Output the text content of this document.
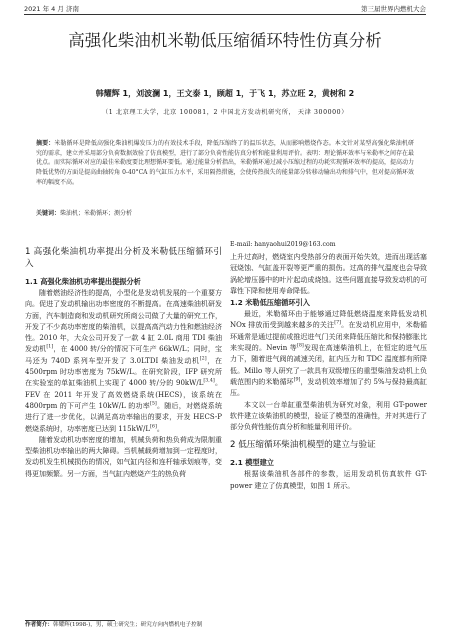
2021 年 4 月 济南	第三届世界内燃机大会
高强化柴油机米勒低压缩循环特性仿真分析
韩耀辉 1，刘波澜 1，王文泰 1，顾超 1，于飞 1，苏立旺 2，黄树和 2
（1 北京理工大学，北京 100081，2 中国北方发动机研究所， 天津 300000）
摘要：米勒循环是降低高强化柴油机爆发压力的有效技术手段，降低压缩终了的温压状态，从而影响燃烧作态。本文针对某型高强化柴油机研究的需求，建立并采用部分负荷数据效验了仿真模型，进行了部分负荷性能仿真分析和能量利用评价。表明：理论循环效率与米勒率之间存在最优点。而实际循环对应的最佳米勒度要比理想循环要低。通过能量分析指出，米勒循环通过减小压缩过程的功耗实现循环效率的提高，提高动力降低优势的方面是提高曲轴转角 0-40°CA 的气缸压力水平，采用隔热措施，会使传热损失的能量部分转移动输出功和排气中，但对提高循环效率的幅度不高。
关键词：柴油机；米勒循环；测分析
1 高强化柴油机功率提出分析及米勒低压缩循环引入
1.1 高强化柴油机功率提出提振分析

随着燃油经济性的提高，小型化是发动机发展的一个重要方向。促进了发动机输出功率密度的不断提高。在高速柴油机研发方面，汽车制造商和发动机研究所商公司做了大量的研究工作，开发了不少高功率密度的柴油机，以提高高汽动力性和燃油经济性。2010 年，大众公司开发了一款 4 缸 2.0L 商用 TDI 柴油发动机[1]，在 4000 转/分的情况下可生产 66kW/L；同时，宝马还为 740D 系列车型开发了 3.0LTDI 柴油发动机[2]，在 4500rpm 时功率密度为 75kW/L。在研究阶段，IFP 研究所在实验室的单缸柴油机上实现了 4000 转/分的 90kW/L[3,4]。FEV 在 2011 年开发了高效燃烧系统(HECS)，该系统在 4800rpm 的下可产生 10kW/L 的功率[5]。随后，对燃烧系统进行了进一步优化，以满足高功率输出的要求，开发 HECS-P 燃烧系统时，功率密度已达到 115kW/L[6]。

随着发动机功率密度的增加，机械负荷和热负荷成为限制重型柴油机功率输出的两大障碍。当机械载荷增加到一定程度时，发动机发生机械损伤的情况，如气缸内径和连杆轴承划痕等，变得更加频繁。另一方面，当气缸内燃烧产生的热负荷

作者简介：韩耀辉(1998-)，男，硕士研究生；研究方向内燃机电子控制
E-mail: hanyaohui2019@163.com

上升过高时，燃烧室内受热部分的表面开始失效，进而出现活塞冠烧蚀、气缸盖开裂等更严重的损伤。过高的排气温度也会导致涡轮增压器中的叶片起动成烧蚀。这些问题直接导致发动机的可靠性下降和使用寿命降低。

1.2 米勒低压缩循环引入

最近，米勒循环由于能够通过降低燃烧温度来降低发动机 NOx 排放而受到越来越多的关注[7]。在发动机应用中，米勒循环通常是通过提前或推迟进气门关闭来降低压缩比和保持膨胀比来实现的。Nevin 等[8]发现在高速柴油机上，在恒定的进气压力下，随着进气阀的减速关闭，缸内压力和 TDC 温度都有所降低。Millo 等人研究了一款具有双级增压的重型柴油发动机上负载范围内的米勒循环[9]，发动机效率增加了约 5%与保持最高缸压。

本文以一台单缸重型柴油机为研究对象，利用 GT-power 软件建立该柴油机的模型，验证了模型的准确性，并对其进行了部分负荷性能仿真分析和能量利用评价。

2 低压缩循环柴油机模型的建立与验证
2.1 模型建立

根据该柴油机各部件的参数，运用发动机仿真软件 GT-power 建立了仿真模型，如图 1 所示。
